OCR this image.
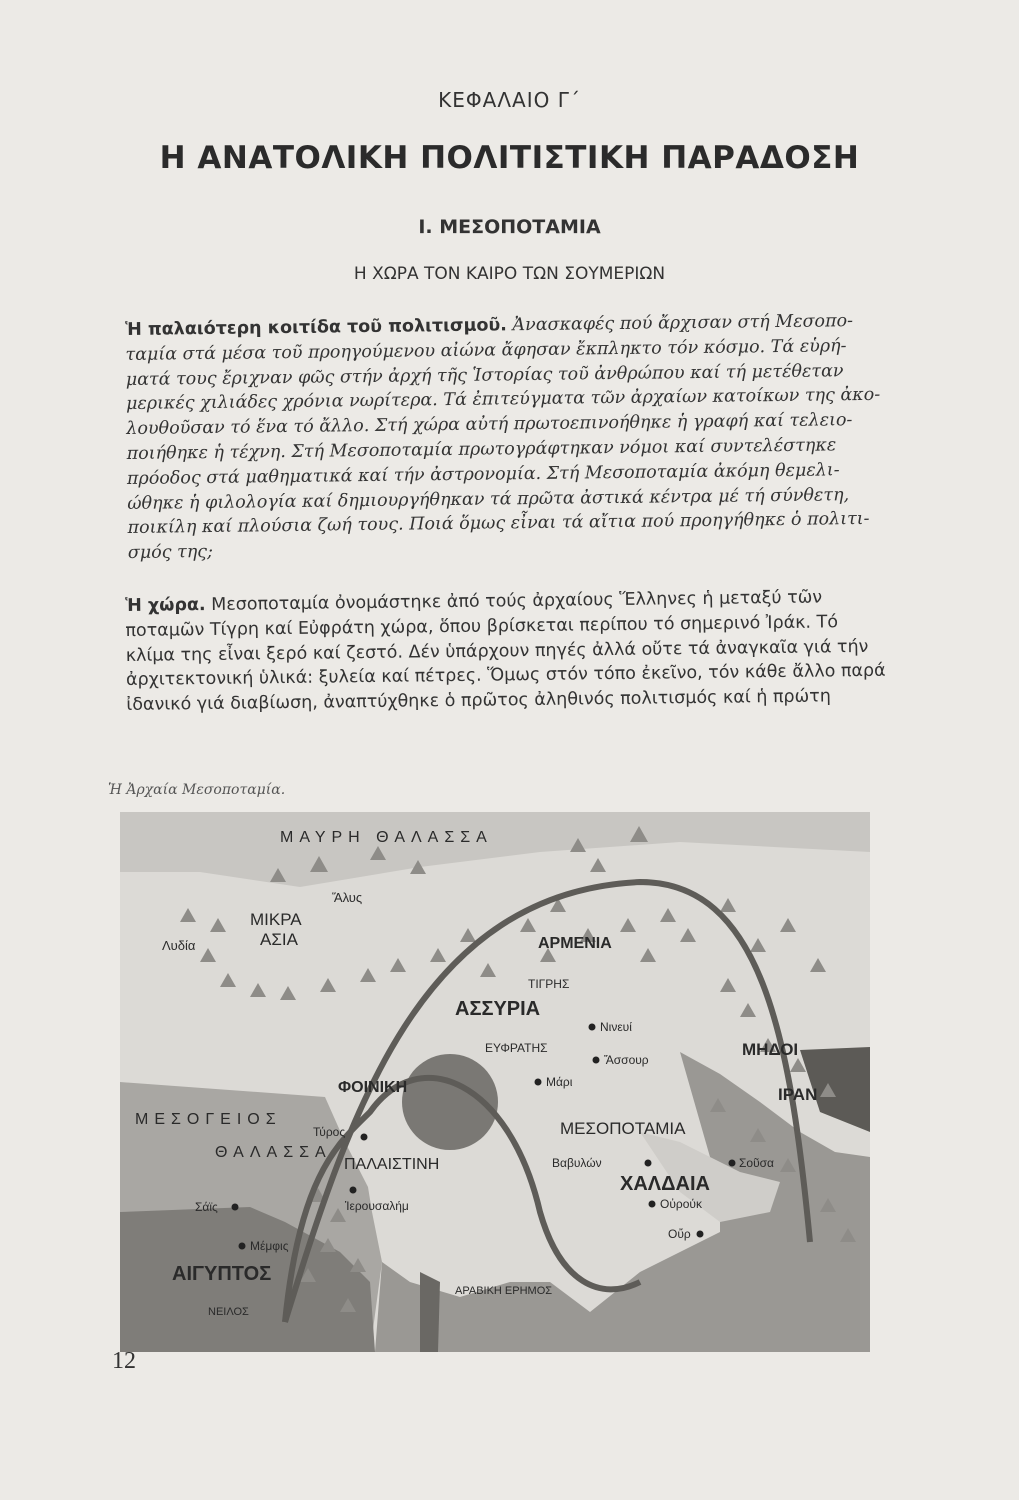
ΚΕΦΑΛΑΙΟ Γ΄
Η ΑΝΑΤΟΛΙΚΗ ΠΟΛΙΤΙΣΤΙΚΗ ΠΑΡΑΔΟΣΗ
Ι. ΜΕΣΟΠΟΤΑΜΙΑ
Η ΧΩΡΑ ΤΟΝ ΚΑΙΡΟ ΤΩΝ ΣΟΥΜΕΡΙΩΝ
Ἡ παλαιότερη κοιτίδα τοῦ πολιτισμοῦ. Ἀνασκαφές πού ἄρχισαν στή Μεσοπο-
ταμία στά μέσα τοῦ προηγούμενου αἰώνα ἄφησαν ἔκπληκτο τόν κόσμο. Τά εὑρή-
ματά τους ἔριχναν φῶς στήν ἀρχή τῆς Ἱστορίας τοῦ ἀνθρώπου καί τή μετέθεταν
μερικές χιλιάδες χρόνια νωρίτερα. Τά ἐπιτεύγματα τῶν ἀρχαίων κατοίκων της ἀκο-
λουθοῦσαν τό ἕνα τό ἄλλο. Στή χώρα αὐτή πρωτοεπινοήθηκε ἡ γραφή καί τελειο-
ποιήθηκε ἡ τέχνη. Στή Μεσοποταμία πρωτογράφτηκαν νόμοι καί συντελέστηκε
πρόοδος στά μαθηματικά καί τήν ἀστρονομία. Στή Μεσοποταμία ἀκόμη θεμελι-
ώθηκε ἡ φιλολογία καί δημιουργήθηκαν τά πρῶτα ἀστικά κέντρα μέ τή σύνθετη,
ποικίλη καί πλούσια ζωή τους. Ποιά ὅμως εἶναι τά αἴτια πού προηγήθηκε ὁ πολιτι-
σμός της;
Ἡ χώρα. Μεσοποταμία ὀνομάστηκε ἀπό τούς ἀρχαίους Ἕλληνες ἡ μεταξύ τῶν
ποταμῶν Τίγρη καί Εὐφράτη χώρα, ὅπου βρίσκεται περίπου τό σημερινό Ἰράκ. Τό
κλίμα της εἶναι ξερό καί ζεστό. Δέν ὑπάρχουν πηγές ἀλλά οὔτε τά ἀναγκαῖα γιά τήν
ἀρχιτεκτονική ὑλικά: ξυλεία καί πέτρες. Ὅμως στόν τόπο ἐκεῖνο, τόν κάθε ἄλλο παρά
ἰδανικό γιά διαβίωση, ἀναπτύχθηκε ὁ πρῶτος ἀληθινός πολιτισμός καί ἡ πρώτη
Ἡ Ἀρχαία Μεσοποταμία.
ΜΑΥΡΗ ΘΑΛΑΣΣΑ
Ἅλυς
ΜΙΚΡΑ
ΑΣΙΑ
Λυδία	ΑΡΜΕΝΙΑ
ΤΙΓΡΗΣ
ΑΣΣΥΡΙΑ
Νινευί
ΕΥΦΡΑΤΗΣ
Ἄσσουρ
ΜΗΔΟΙ
ΦΟΙΝΙΚΗ	Μάρι
ΙΡΑΝ
ΜΕΣΟΓΕΙΟΣ
ΘΑΛΑΣΣΑ
Τύρος	ΜΕΣΟΠΟΤΑΜΙΑ
Βαβυλών	Σοῦσα
ΠΑΛΑΙΣΤΙΝΗ
ΧΑΛΔΑΙΑ
Σάϊς	Ἱερουσαλήμ	Οὐρούκ
Οὔρ
Μέμφις
ΑΙΓΥΠΤΟΣ
ΑΡΑΒΙΚΗ ΕΡΗΜΟΣ
ΝΕΙΛΟΣ
12
